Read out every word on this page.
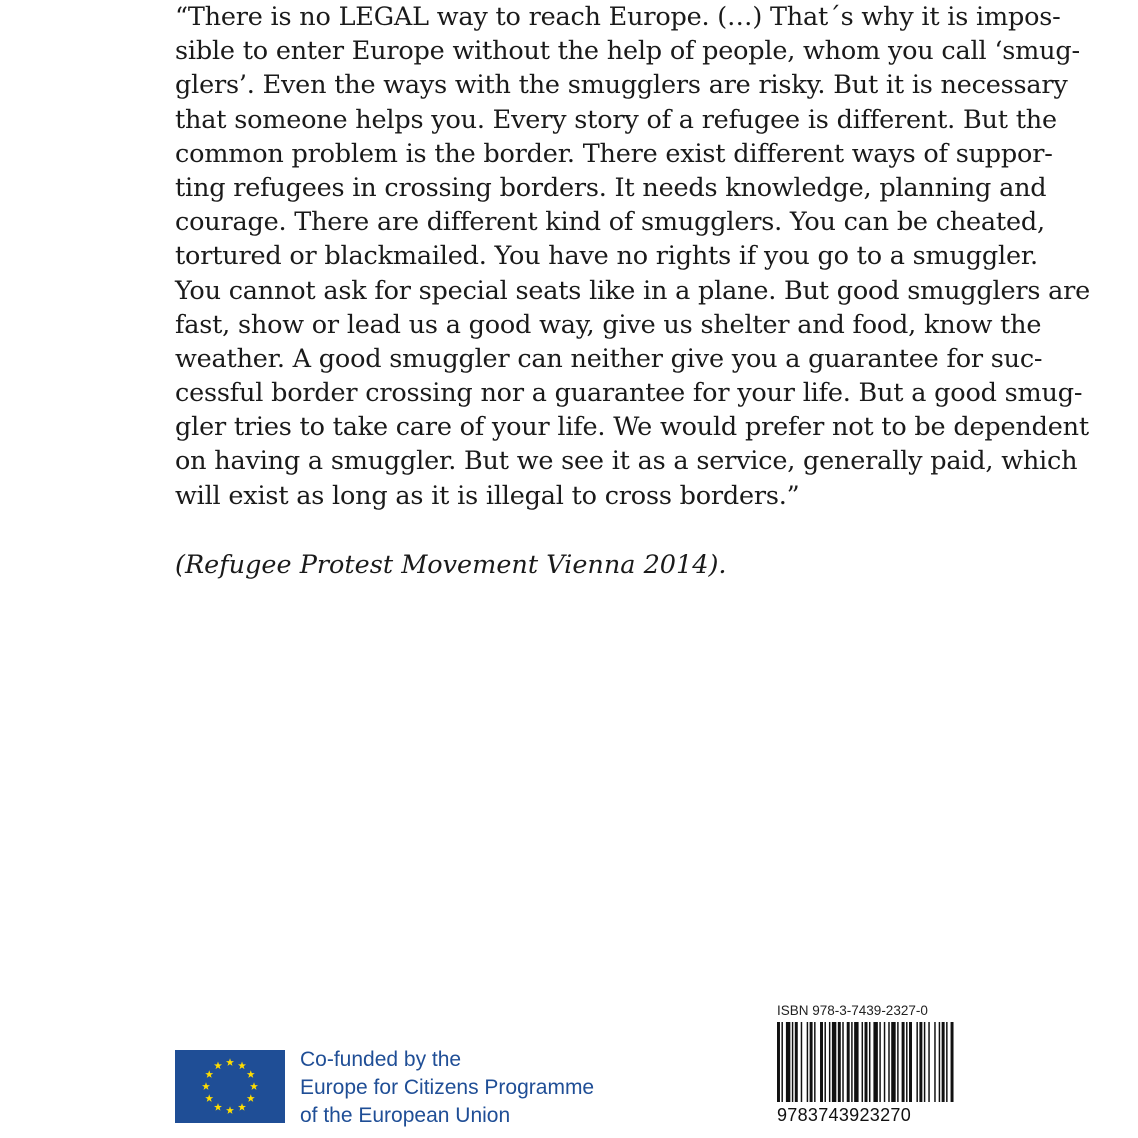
“There is no LEGAL way to reach Europe. (…) That´s why it is impos-
sible to enter Europe without the help of people, whom you call ‘smug-
glers’. Even the ways with the smugglers are risky. But it is necessary
that someone helps you. Every story of a refugee is different. But the
common problem is the border. There exist different ways of suppor-
ting refugees in crossing borders. It needs knowledge, planning and
courage. There are different kind of smugglers. You can be cheated,
tortured or blackmailed. You have no rights if you go to a smuggler.
You cannot ask for special seats like in a plane. But good smugglers are
fast, show or lead us a good way, give us shelter and food, know the
weather. A good smuggler can neither give you a guarantee for suc-
cessful border crossing nor a guarantee for your life. But a good smug-
gler tries to take care of your life. We would prefer not to be dependent
on having a smuggler. But we see it as a service, generally paid, which
will exist as long as it is illegal to cross borders.”
(Refugee Protest Movement Vienna 2014).
Co-funded by the
Europe for Citizens Programme
of the European Union
ISBN 978-3-7439-2327-0
9783743923270
